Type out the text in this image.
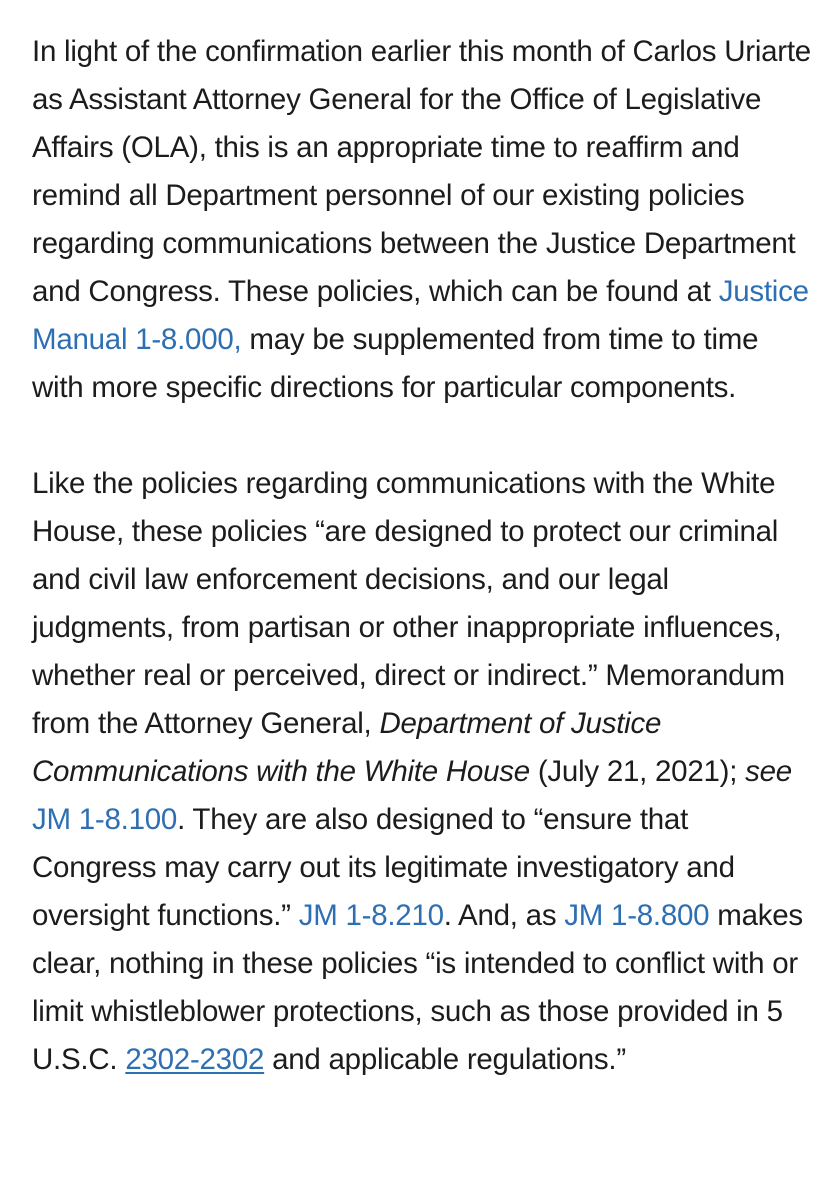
In light of the confirmation earlier this month of Carlos Uriarte as Assistant Attorney General for the Office of Legislative Affairs (OLA), this is an appropriate time to reaffirm and remind all Department personnel of our existing policies regarding communications between the Justice Department and Congress. These policies, which can be found at Justice Manual 1-8.000, may be supplemented from time to time with more specific directions for particular components.

Like the policies regarding communications with the White House, these policies “are designed to protect our criminal and civil law enforcement decisions, and our legal judgments, from partisan or other inappropriate influences, whether real or perceived, direct or indirect.” Memorandum from the Attorney General, Department of Justice Communications with the White House (July 21, 2021); see JM 1-8.100. They are also designed to “ensure that Congress may carry out its legitimate investigatory and oversight functions.” JM 1-8.210. And, as JM 1-8.800 makes clear, nothing in these policies “is intended to conflict with or limit whistleblower protections, such as those provided in 5 U.S.C. 2302-2302 and applicable regulations.”
